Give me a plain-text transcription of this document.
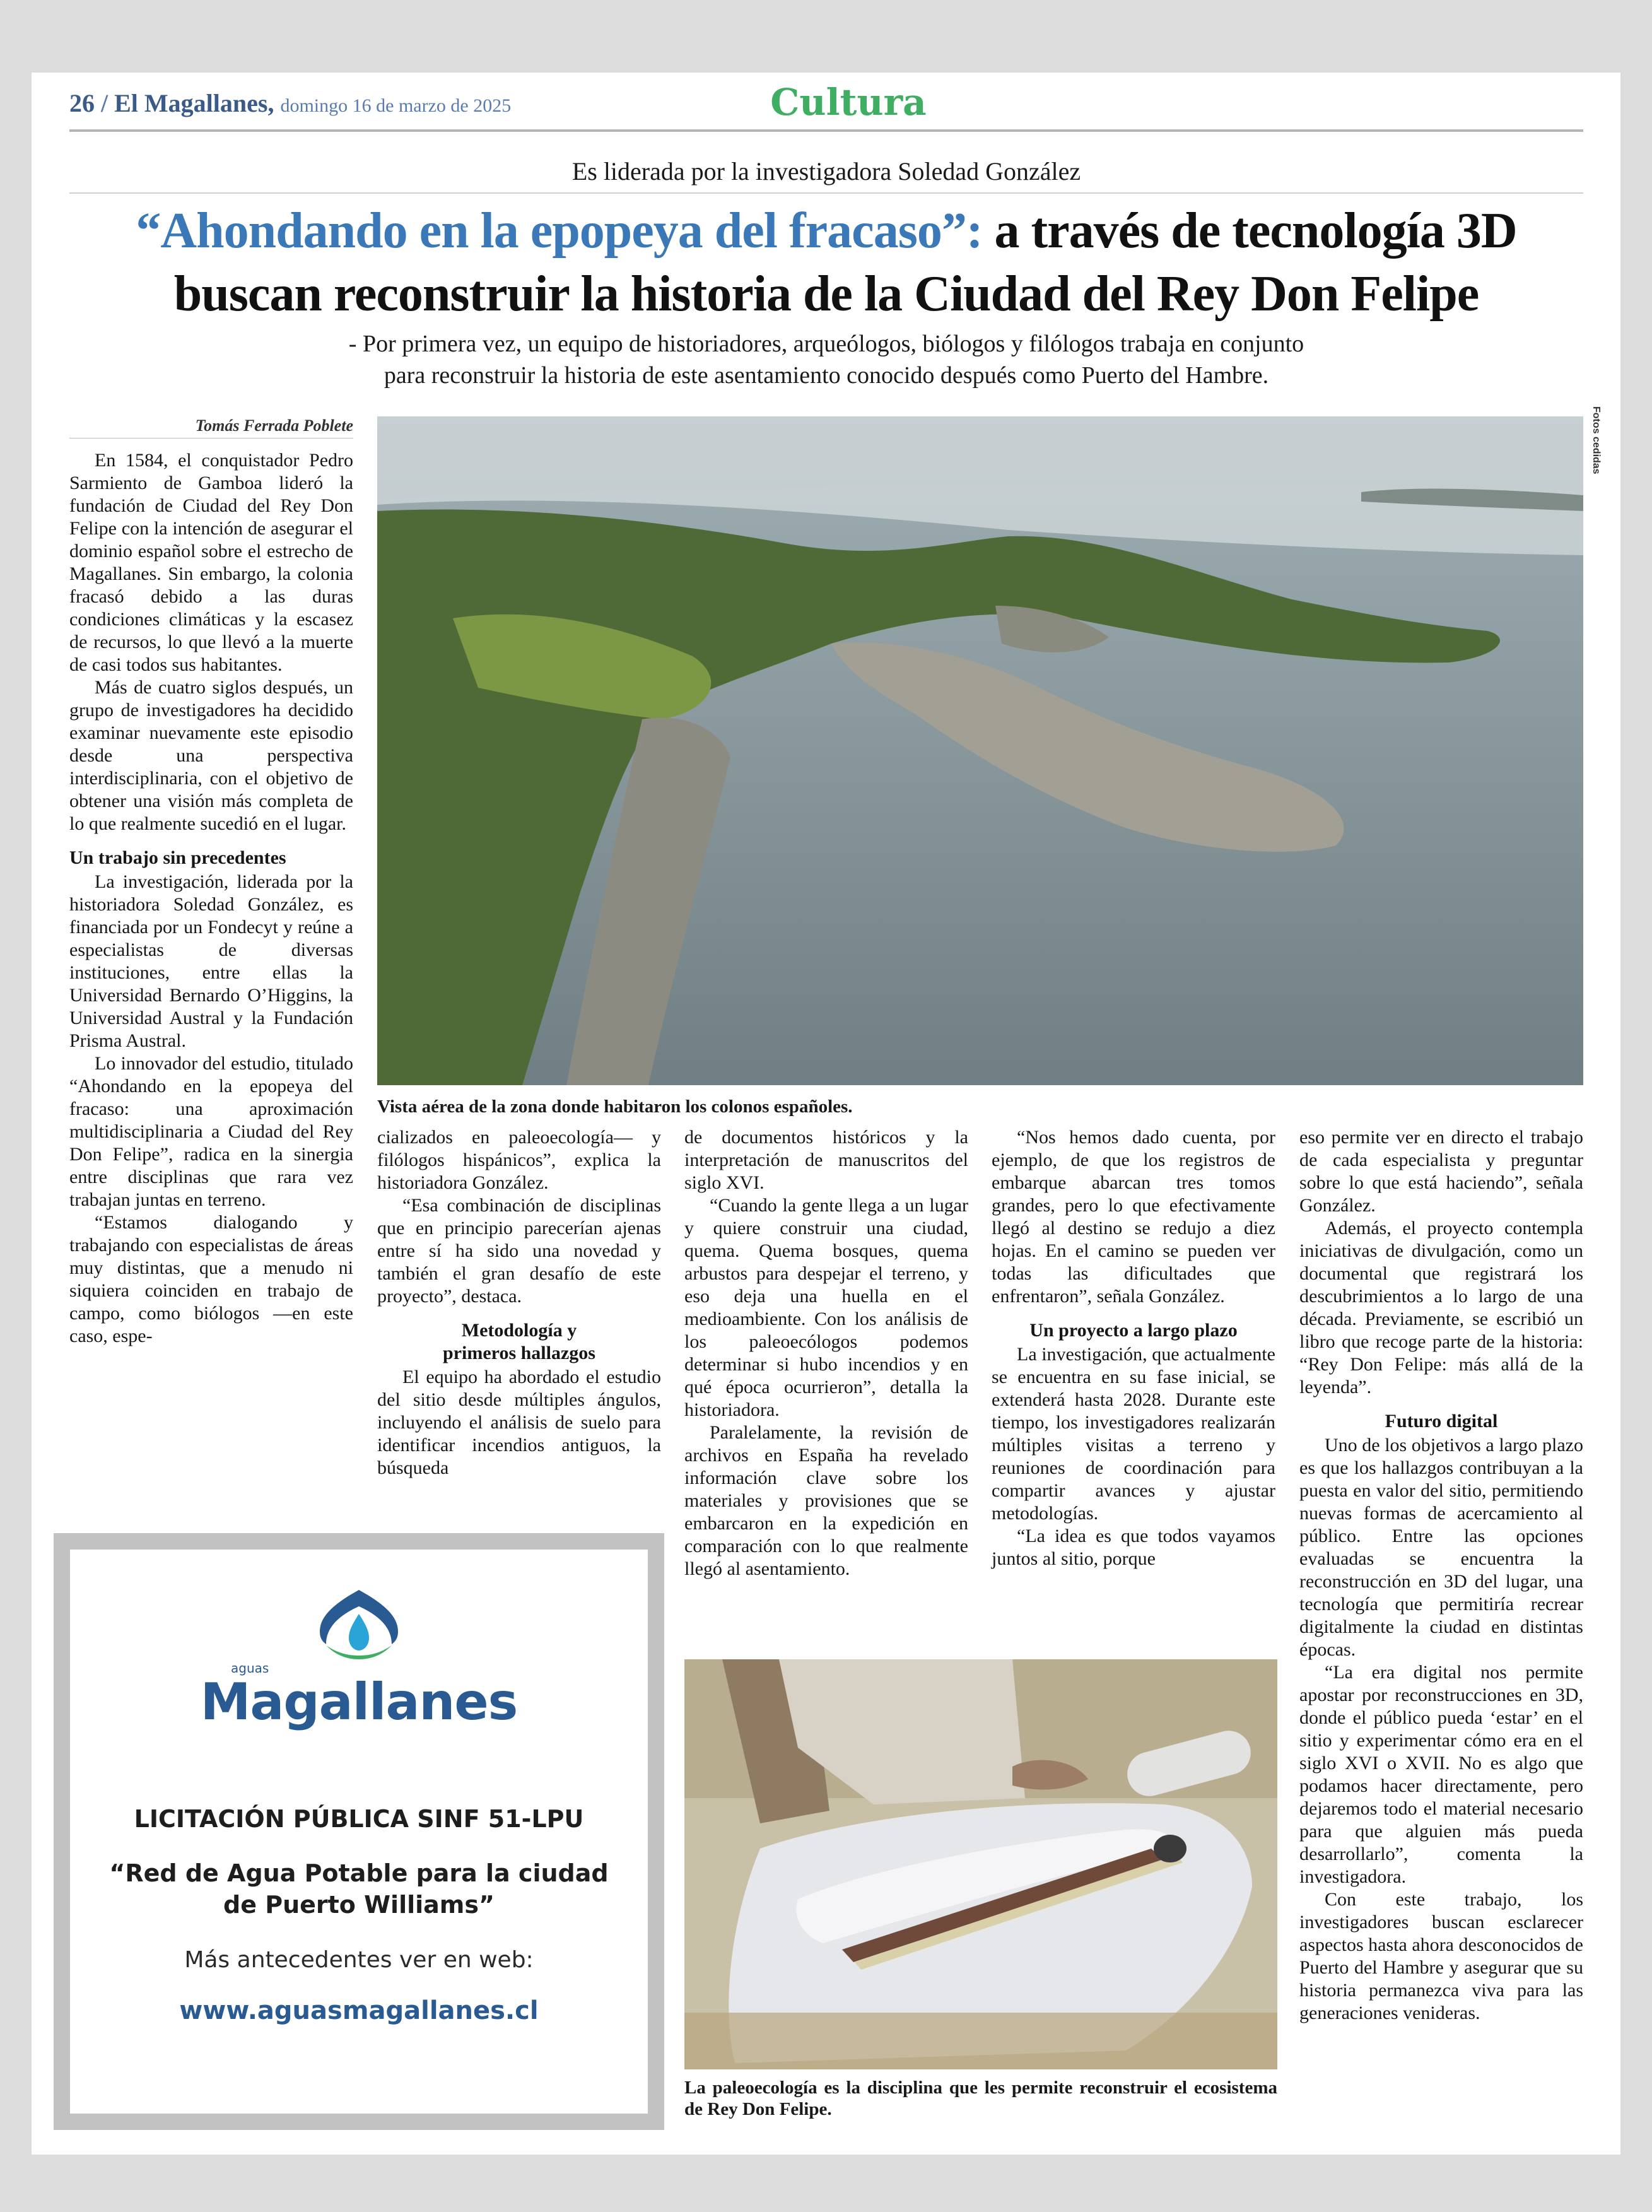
26 / El Magallanes, domingo 16 de marzo de 2025	Cultura
Es liderada por la investigadora Soledad González
“Ahondando en la epopeya del fracaso”: a través de tecnología 3D
buscan reconstruir la historia de la Ciudad del Rey Don Felipe
- Por primera vez, un equipo de historiadores, arqueólogos, biólogos y filólogos trabaja en conjunto
para reconstruir la historia de este asentamiento conocido después como Puerto del Hambre.
Tomás Ferrada Poblete

En 1584, el conquistador Pedro Sarmiento de Gamboa lideró la fundación de Ciudad del Rey Don Felipe con la intención de asegurar el dominio español sobre el estrecho de Magallanes. Sin embargo, la colonia fracasó debido a las duras condiciones climáticas y la escasez de recursos, lo que llevó a la muerte de casi todos sus habitantes.

Más de cuatro siglos después, un grupo de investigadores ha decidido examinar nuevamente este episodio desde una perspectiva interdisciplinaria, con el objetivo de obtener una visión más completa de lo que realmente sucedió en el lugar.

Un trabajo sin precedentes

La investigación, liderada por la historiadora Soledad González, es financiada por un Fondecyt y reúne a especialistas de diversas instituciones, entre ellas la Universidad Bernardo O’Higgins, la Universidad Austral y la Fundación Prisma Austral.

Lo innovador del estudio, titulado “Ahondando en la epopeya del fracaso: una aproximación multidisciplinaria a Ciudad del Rey Don Felipe”, radica en la sinergia entre disciplinas que rara vez trabajan juntas en terreno.

“Estamos dialogando y trabajando con especialistas de áreas muy distintas, que a menudo ni siquiera coinciden en trabajo de campo, como biólogos —en este caso, espe-

Fotos cedidas
Vista aérea de la zona donde habitaron los colonos españoles.

cializados en paleoecología— y filólogos hispánicos”, explica la historiadora González.

“Esa combinación de disciplinas que en principio parecerían ajenas entre sí ha sido una novedad y también el gran desafío de este proyecto”, destaca.

Metodología y
primeros hallazgos

El equipo ha abordado el estudio del sitio desde múltiples ángulos, incluyendo el análisis de suelo para identificar incendios antiguos, la búsqueda

de documentos históricos y la interpretación de manuscritos del siglo XVI.

“Cuando la gente llega a un lugar y quiere construir una ciudad, quema. Quema bosques, quema arbustos para despejar el terreno, y eso deja una huella en el medioambiente. Con los análisis de los paleoecólogos podemos determinar si hubo incendios y en qué época ocurrieron”, detalla la historiadora.

Paralelamente, la revisión de archivos en España ha revelado información clave sobre los materiales y provisiones que se embarcaron en la expedición en comparación con lo que realmente llegó al asentamiento.

“Nos hemos dado cuenta, por ejemplo, de que los registros de embarque abarcan tres tomos grandes, pero lo que efectivamente llegó al destino se redujo a diez hojas. En el camino se pueden ver todas las dificultades que enfrentaron”, señala González.

Un proyecto a largo plazo

La investigación, que actualmente se encuentra en su fase inicial, se extenderá hasta 2028. Durante este tiempo, los investigadores realizarán múltiples visitas a terreno y reuniones de coordinación para compartir avances y ajustar metodologías.

“La idea es que todos vayamos juntos al sitio, porque

eso permite ver en directo el trabajo de cada especialista y preguntar sobre lo que está haciendo”, señala González.

Además, el proyecto contempla iniciativas de divulgación, como un documental que registrará los descubrimientos a lo largo de una década. Previamente, se escribió un libro que recoge parte de la historia: “Rey Don Felipe: más allá de la leyenda”.

Futuro digital

Uno de los objetivos a largo plazo es que los hallazgos contribuyan a la puesta en valor del sitio, permitiendo nuevas formas de acercamiento al público. Entre las opciones evaluadas se encuentra la reconstrucción en 3D del lugar, una tecnología que permitiría recrear digitalmente la ciudad en distintas épocas.

“La era digital nos permite apostar por reconstrucciones en 3D, donde el público pueda ‘estar’ en el sitio y experimentar cómo era en el siglo XVI o XVII. No es algo que podamos hacer directamente, pero dejaremos todo el material necesario para que alguien más pueda desarrollarlo”, comenta la investigadora.

Con este trabajo, los investigadores buscan esclarecer aspectos hasta ahora desconocidos de Puerto del Hambre y asegurar que su historia permanezca viva para las generaciones venideras.

La paleoecología es la disciplina que les permite reconstruir el ecosistema de Rey Don Felipe.
aguas
Magallanes
LICITACIÓN PÚBLICA SINF 51-LPU
“Red de Agua Potable para la ciudad de Puerto Williams”
Más antecedentes ver en web:
www.aguasmagallanes.cl
